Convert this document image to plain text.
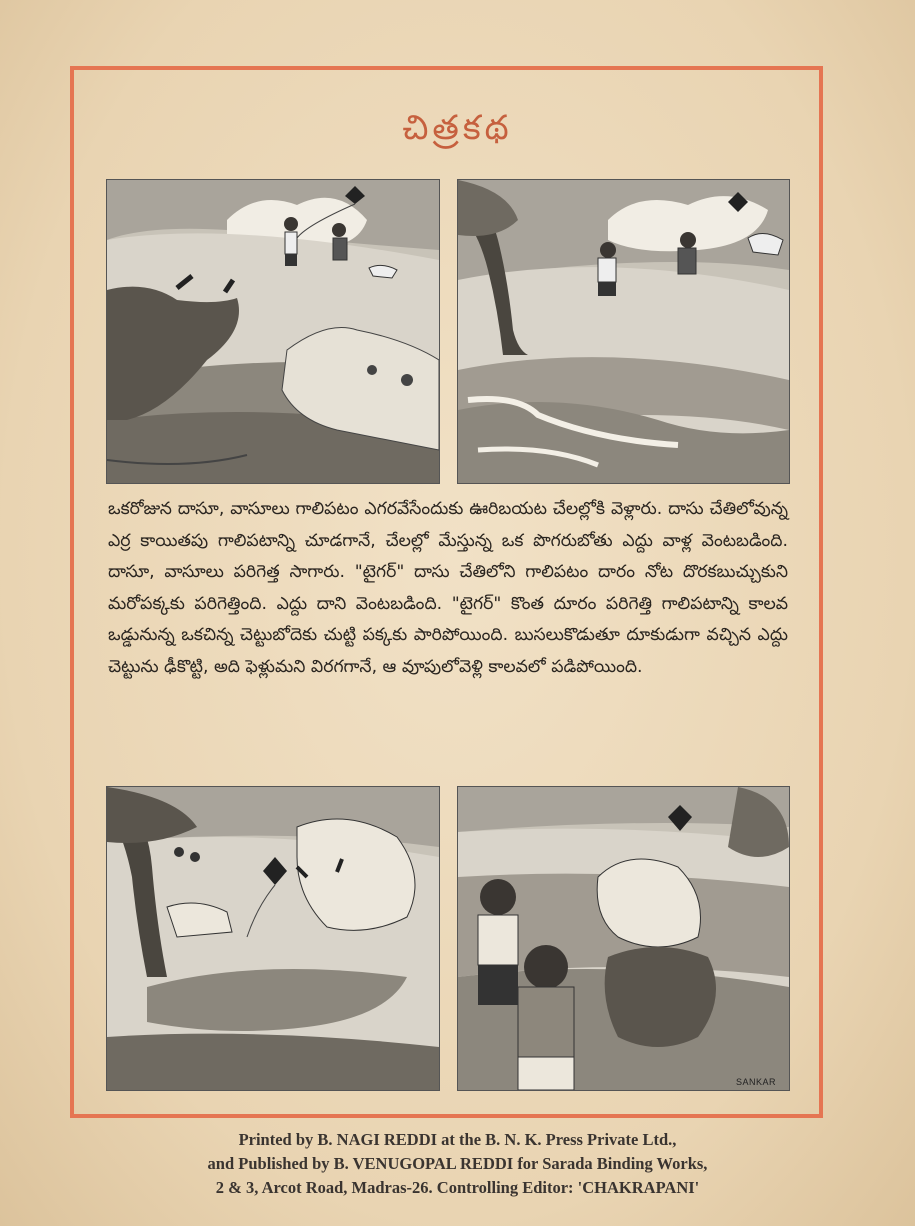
చిత్రకథ

ఒకరోజున దాసూ, వాసూలు గాలిపటం ఎగరవేసేందుకు ఊరిబయట చేలల్లోకి వెళ్లారు. దాసు చేతిలోవున్న ఎర్ర కాయితపు గాలిపటాన్ని చూడగానే, చేలల్లో మేస్తున్న ఒక పొగరుబోతు ఎద్దు వాళ్ల వెంటబడింది. దాసూ, వాసూలు పరిగెత్త సాగారు. "టైగర్" దాసు చేతిలోని గాలిపటం దారం నోట దొరకబుచ్చుకుని మరోపక్కకు పరిగెత్తింది. ఎద్దు దాని వెంటబడింది. "టైగర్" కొంత దూరం పరిగెత్తి గాలిపటాన్ని కాలవ ఒడ్డునున్న ఒకచిన్న చెట్టుబోదెకు చుట్టి పక్కకు పారిపోయింది. బుసలుకొడుతూ దూకుడుగా వచ్చిన ఎద్దు చెట్టును ఢీకొట్టి, అది ఫెళ్లుమని విరగగానే, ఆ వూపులోవెళ్లి కాలవలో పడిపోయింది.

SANKAR
Printed by B. NAGI REDDI at the B. N. K. Press Private Ltd.,
and Published by B. VENUGOPAL REDDI for Sarada Binding Works,
2 & 3, Arcot Road, Madras-26. Controlling Editor: 'CHAKRAPANI'
